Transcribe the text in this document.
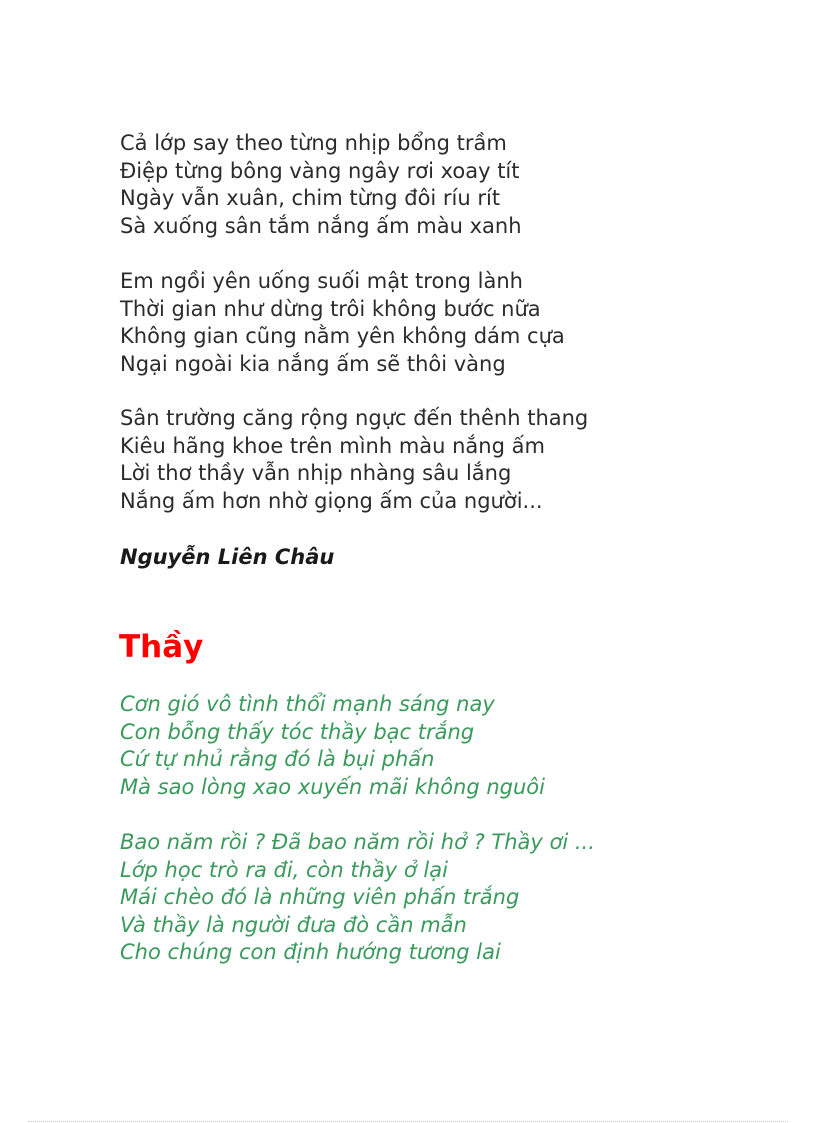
Cả lớp say theo từng nhịp bổng trầm
Điệp từng bông vàng ngây rơi xoay tít
Ngày vẫn xuân, chim từng đôi ríu rít
Sà xuống sân tắm nắng ấm màu xanh
Em ngồi yên uống suối mật trong lành
Thời gian như dừng trôi không bước nữa
Không gian cũng nằm yên không dám cựa
Ngại ngoài kia nắng ấm sẽ thôi vàng
Sân trường căng rộng ngực đến thênh thang
Kiêu hãng khoe trên mình màu nắng ấm
Lời thơ thầy vẫn nhịp nhàng sâu lắng
Nắng ấm hơn nhờ giọng ấm của người...
Nguyễn Liên Châu
Thầy
Cơn gió vô tình thổi mạnh sáng nay
Con bỗng thấy tóc thầy bạc trắng
Cứ tự nhủ rằng đó là bụi phấn
Mà sao lòng xao xuyến mãi không nguôi
Bao năm rồi ? Đã bao năm rồi hở ? Thầy ơi ...
Lớp học trò ra đi, còn thầy ở lại
Mái chèo đó là những viên phấn trắng
Và thầy là người đưa đò cần mẫn
Cho chúng con định hướng tương lai
